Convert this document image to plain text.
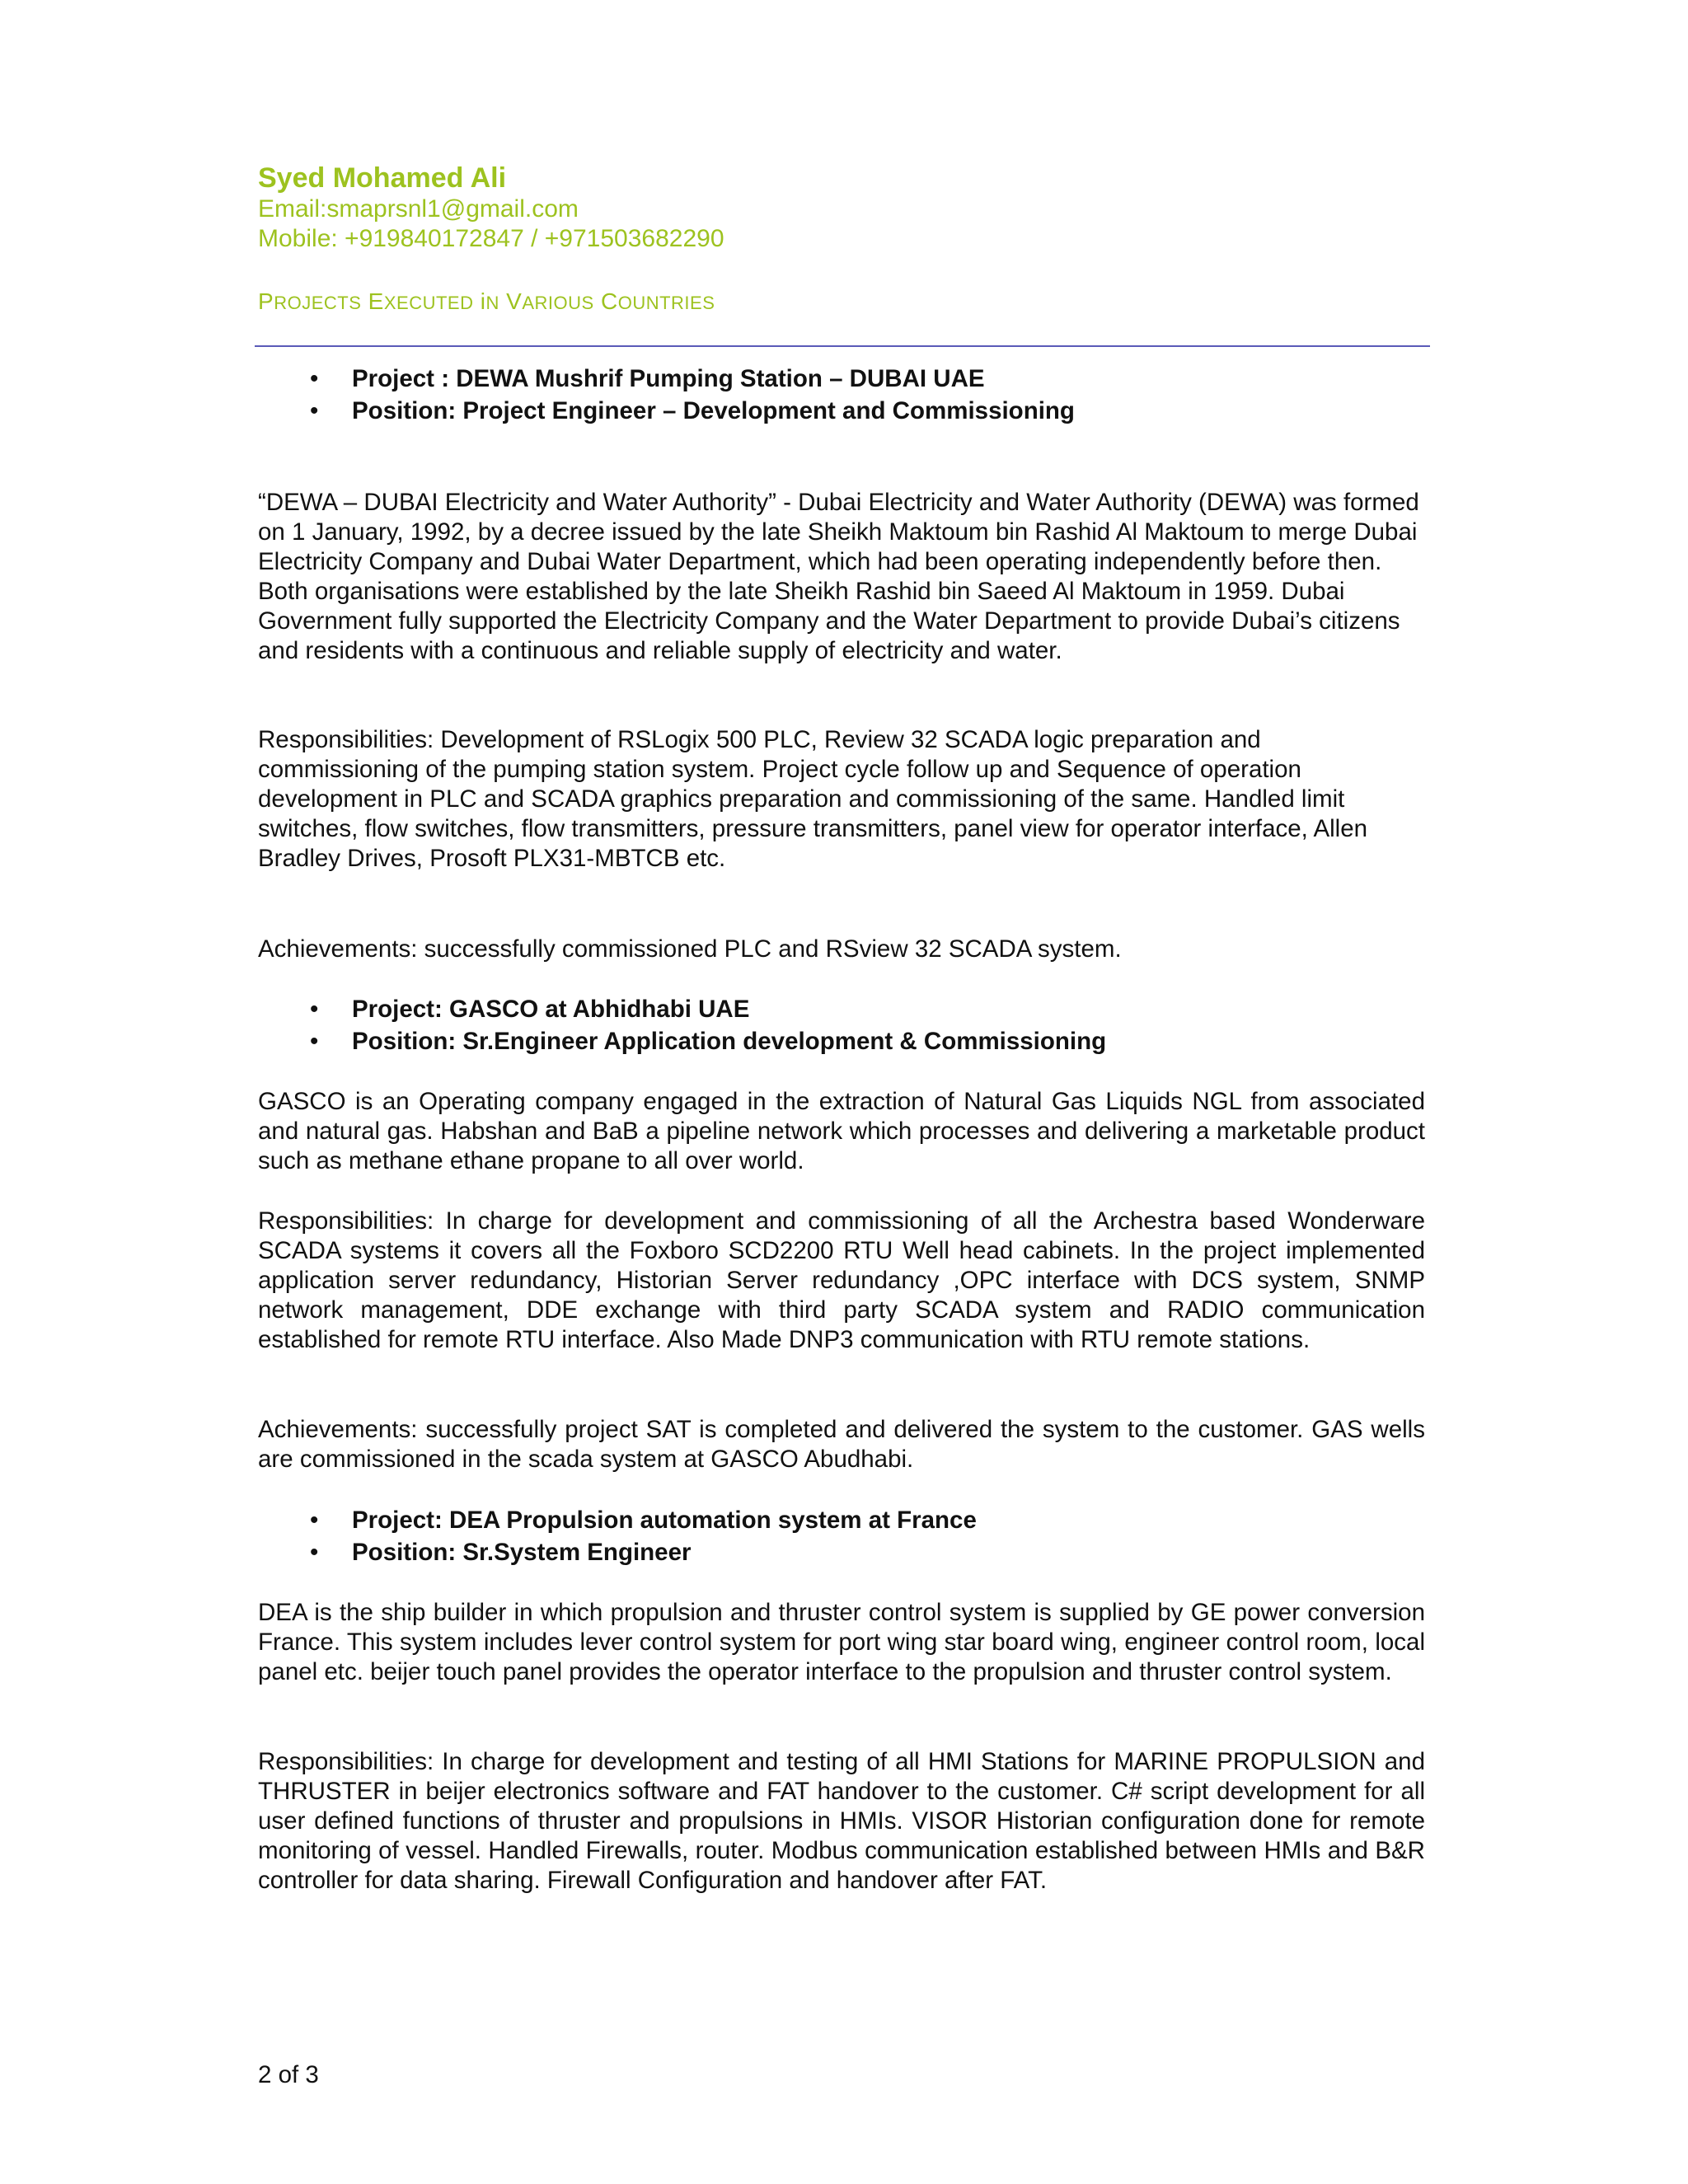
Syed Mohamed Ali
Email:smaprsnl1@gmail.com
Mobile: +919840172847 / +971503682290
PROJECTS EXECUTED iN VARIOUS COUNTRIES
• Project : DEWA Mushrif Pumping Station – DUBAI UAE
• Position: Project Engineer – Development and Commissioning

“DEWA – DUBAI Electricity and Water Authority” - Dubai Electricity and Water Authority (DEWA) was formed on 1 January, 1992, by a decree issued by the late Sheikh Maktoum bin Rashid Al Maktoum to merge Dubai Electricity Company and Dubai Water Department, which had been operating independently before then. Both organisations were established by the late Sheikh Rashid bin Saeed Al Maktoum in 1959. Dubai Government fully supported the Electricity Company and the Water Department to provide Dubai’s citizens and residents with a continuous and reliable supply of electricity and water.

Responsibilities: Development of RSLogix 500 PLC, Review 32 SCADA logic preparation and commissioning of the pumping station system. Project cycle follow up and Sequence of operation development in PLC and SCADA graphics preparation and commissioning of the same. Handled limit switches, flow switches, flow transmitters, pressure transmitters, panel view for operator interface, Allen Bradley Drives, Prosoft PLX31-MBTCB etc.

Achievements: successfully commissioned PLC and RSview 32 SCADA system.

• Project: GASCO at Abhidhabi UAE
• Position: Sr.Engineer Application development & Commissioning

GASCO is an Operating company engaged in the extraction of Natural Gas Liquids NGL from associated and natural gas. Habshan and BaB a pipeline network which processes and delivering a marketable product such as methane ethane propane to all over world.

Responsibilities: In charge for development and commissioning of all the Archestra based Wonderware SCADA systems it covers all the Foxboro SCD2200 RTU Well head cabinets. In the project implemented application server redundancy, Historian Server redundancy ,OPC interface with DCS system, SNMP network management, DDE exchange with third party SCADA system and RADIO communication established for remote RTU interface. Also Made DNP3 communication with RTU remote stations.

Achievements: successfully project SAT is completed and delivered the system to the customer. GAS wells are commissioned in the scada system at GASCO Abudhabi.

• Project: DEA Propulsion automation system at France
• Position: Sr.System Engineer

DEA is the ship builder in which propulsion and thruster control system is supplied by GE power conversion France. This system includes lever control system for port wing star board wing, engineer control room, local panel etc. beijer touch panel provides the operator interface to the propulsion and thruster control system.

Responsibilities: In charge for development and testing of all HMI Stations for MARINE PROPULSION and THRUSTER in beijer electronics software and FAT handover to the customer. C# script development for all user defined functions of thruster and propulsions in HMIs. VISOR Historian configuration done for remote monitoring of vessel. Handled Firewalls, router. Modbus communication established between HMIs and B&R controller for data sharing. Firewall Configuration and handover after FAT.

2 of 3
